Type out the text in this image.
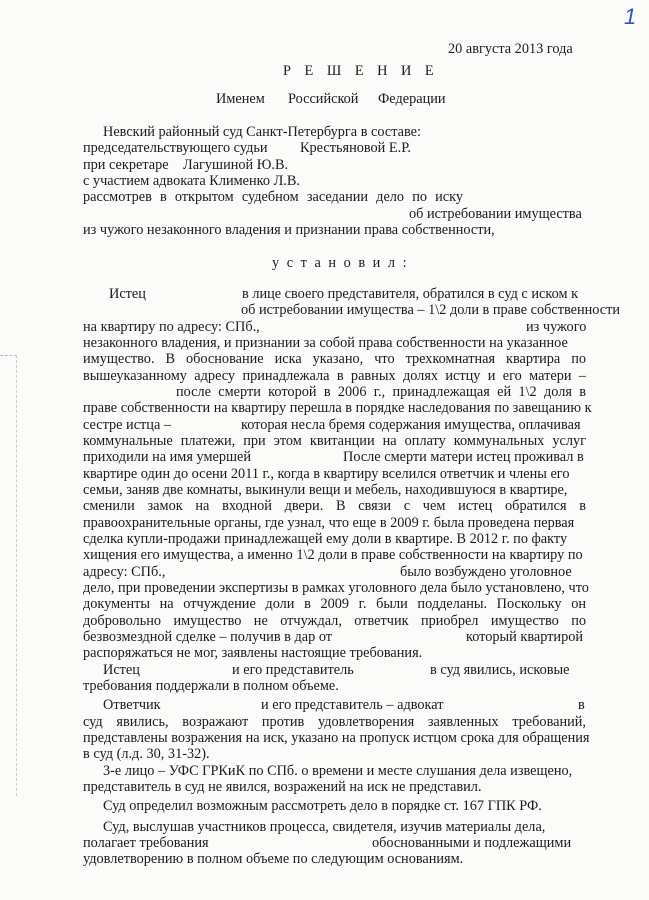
1
20 августа 2013 года
Р Е Ш Е Н И Е
Именем Российской Федерации
Невский районный суд Санкт-Петербурга в составе:
председательствующего судьи Крестьяновой Е.Р.
при секретаре Лагушиной Ю.В.
с участием адвоката Клименко Л.В.
рассмотрев в открытом судебном заседании дело по иску
об истребовании имущества
из чужого незаконного владения и признании права собственности,
у с т а н о в и л :
Истец	в лице своего представителя, обратился в суд с иском к
об истребовании имущества – 1\2 доли в праве собственности
на квартиру по адресу: СПб.,	из чужого
незаконного владения, и признании за собой права собственности на указанное
имущество. В обоснование иска указано, что трехкомнатная квартира по
вышеуказанному адресу принадлежала в равных долях истцу и его матери –
после смерти которой в 2006 г., принадлежащая ей 1\2 доля в
праве собственности на квартиру перешла в порядке наследования по завещанию к
сестре истца –	которая несла бремя содержания имущества, оплачивая
коммунальные платежи, при этом квитанции на оплату коммунальных услуг
приходили на имя умершей	После смерти матери истец проживал в
квартире один до осени 2011 г., когда в квартиру вселился ответчик и члены его
семьи, заняв две комнаты, выкинули вещи и мебель, находившуюся в квартире,
сменили замок на входной двери. В связи с чем истец обратился в
правоохранительные органы, где узнал, что еще в 2009 г. была проведена первая
сделка купли-продажи принадлежащей ему доли в квартире. В 2012 г. по факту
хищения его имущества, а именно 1\2 доли в праве собственности на квартиру по
адресу: СПб.,	было возбуждено уголовное
дело, при проведении экспертизы в рамках уголовного дела было установлено, что
документы на отчуждение доли в 2009 г. были подделаны. Поскольку он
добровольно имущество не отчуждал, ответчик приобрел имущество по
безвозмездной сделке – получив в дар от	который квартирой
распоряжаться не мог, заявлены настоящие требования.
Истец	и его представитель	в суд явились, исковые
требования поддержали в полном объеме.
Ответчик	и его представитель – адвокат	в
суд явились, возражают против удовлетворения заявленных требований,
представлены возражения на иск, указано на пропуск истцом срока для обращения
в суд (л.д. 30, 31-32).
3-е лицо – УФС ГРКиК по СПб. о времени и месте слушания дела извещено,
представитель в суд не явился, возражений на иск не представил.
Суд определил возможным рассмотреть дело в порядке ст. 167 ГПК РФ.
Суд, выслушав участников процесса, свидетеля, изучив материалы дела,
полагает требования	обоснованными и подлежащими
удовлетворению в полном объеме по следующим основаниям.
